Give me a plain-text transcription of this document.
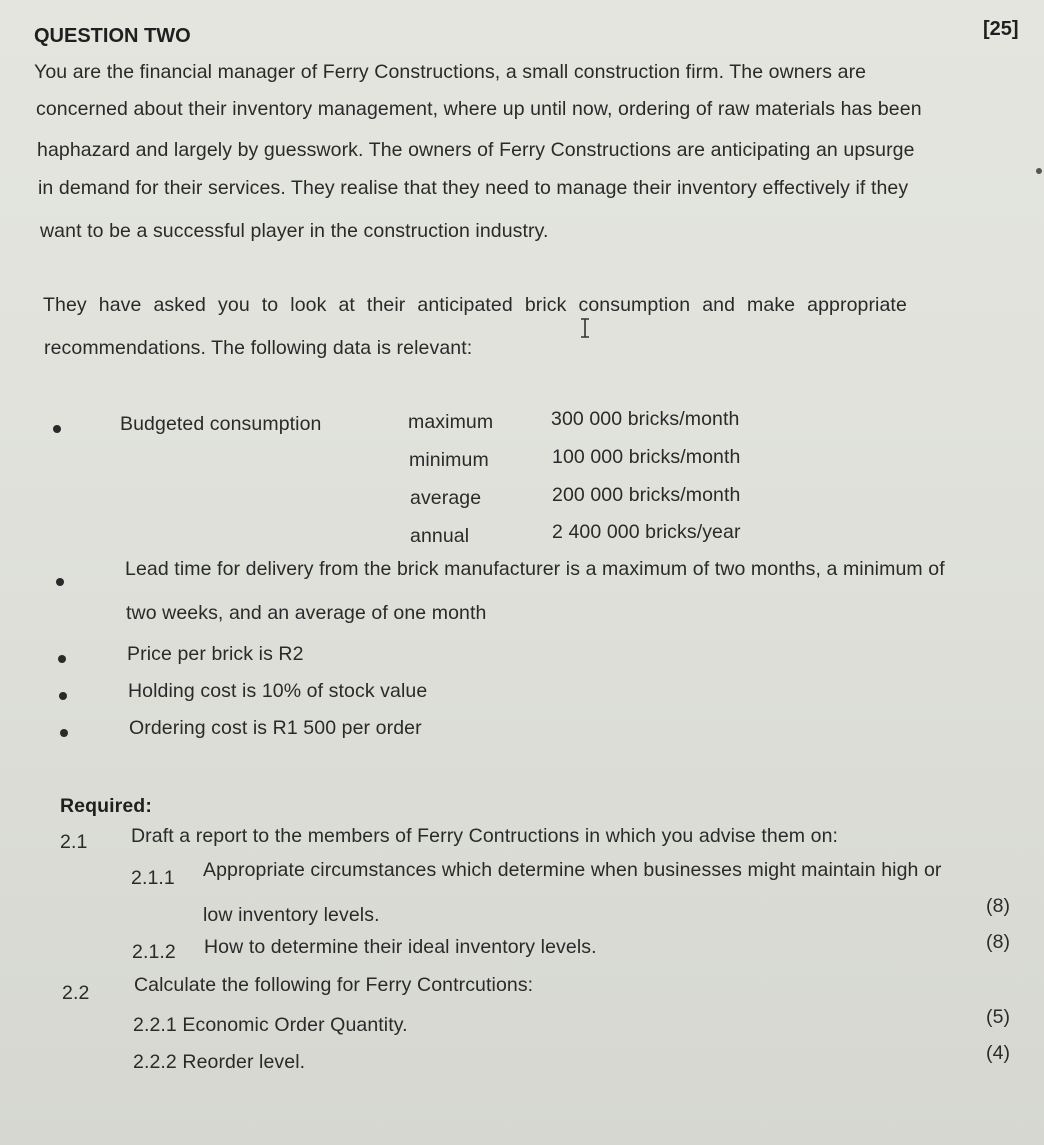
QUESTION TWO	[25]
You are the financial manager of Ferry Constructions, a small construction firm. The owners are
concerned about their inventory management, where up until now, ordering of raw materials has been
haphazard and largely by guesswork. The owners of Ferry Constructions are anticipating an upsurge
in demand for their services. They realise that they need to manage their inventory effectively if they
want to be a successful player in the construction industry.
They have asked you to look at their anticipated brick consumption and make appropriate
recommendations. The following data is relevant:
Budgeted consumption	maximum	300 000 bricks/month
minimum	100 000 bricks/month
average	200 000 bricks/month
annual	2 400 000 bricks/year
Lead time for delivery from the brick manufacturer is a maximum of two months, a minimum of
two weeks, and an average of one month
Price per brick is R2
Holding cost is 10% of stock value
Ordering cost is R1 500 per order
Required:
2.1 Draft a report to the members of Ferry Contructions in which you advise them on:
2.1.1 Appropriate circumstances which determine when businesses might maintain high or
low inventory levels.	(8)
2.1.2 How to determine their ideal inventory levels.	(8)
2.2 Calculate the following for Ferry Contrcutions:
2.2.1 Economic Order Quantity.	(5)
2.2.2 Reorder level.	(4)
